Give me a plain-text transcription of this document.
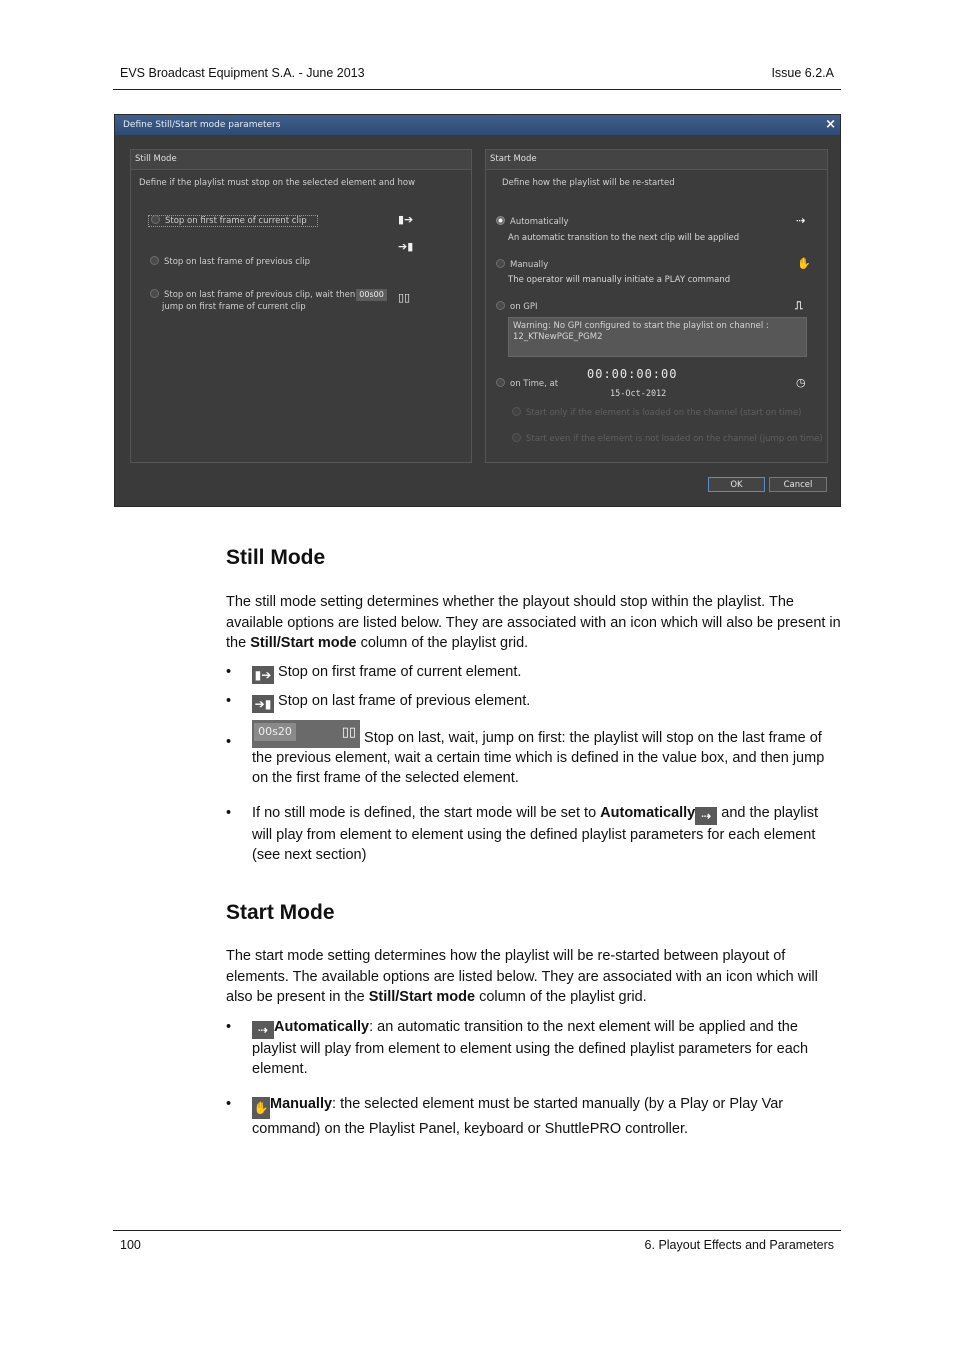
EVS Broadcast Equipment S.A. - June 2013	Issue 6.2.A
Define Still/Start mode parameters	×
Still Mode
Define if the playlist must stop on the selected element and how
Stop on first frame of current clip	▮➔
➔▮
Stop on last frame of previous clip
Stop on last frame of previous clip, wait then 00s00
jump on first frame of current clip
▯▯
Start Mode
Define how the playlist will be re-started
Automatically
An automatic transition to the next clip will be applied
⇢
Manually
The operator will manually initiate a PLAY command
✋
on GPI	⎍
Warning: No GPI configured to start the playlist on channel :
12_KTNewPGE_PGM2
on Time, at
00:00:00:00
15-Oct-2012
◷
Start only if the element is loaded on the channel (start on time)
Start even if the element is not loaded on the channel (jump on time)
OK	Cancel
Still Mode
The still mode setting determines whether the playout should stop within the playlist. The available options are listed below. They are associated with an icon which will also be present in the Still/Start mode column of the playlist grid.
• ▮➔ Stop on first frame of current element.
• ➔▮ Stop on last frame of previous element.
•
00s20	▯▯ Stop on last, wait, jump on first: the playlist will stop on the last frame of the previous element, wait a certain time which is defined in the value box, and then jump on the first frame of the selected element.
• If no still mode is defined, the start mode will be set to Automatically ⇢ and the playlist will play from element to element using the defined playlist parameters for each element (see next section)
Start Mode
The start mode setting determines how the playlist will be re-started between playout of elements. The available options are listed below. They are associated with an icon which will also be present in the Still/Start mode column of the playlist grid.
•	⇢ Automatically: an automatic transition to the next element will be applied and the playlist will play from element to element using the defined playlist parameters for each element.
• ✋ Manually: the selected element must be started manually (by a Play or Play Var command) on the Playlist Panel, keyboard or ShuttlePRO controller.
100	6. Playout Effects and Parameters
